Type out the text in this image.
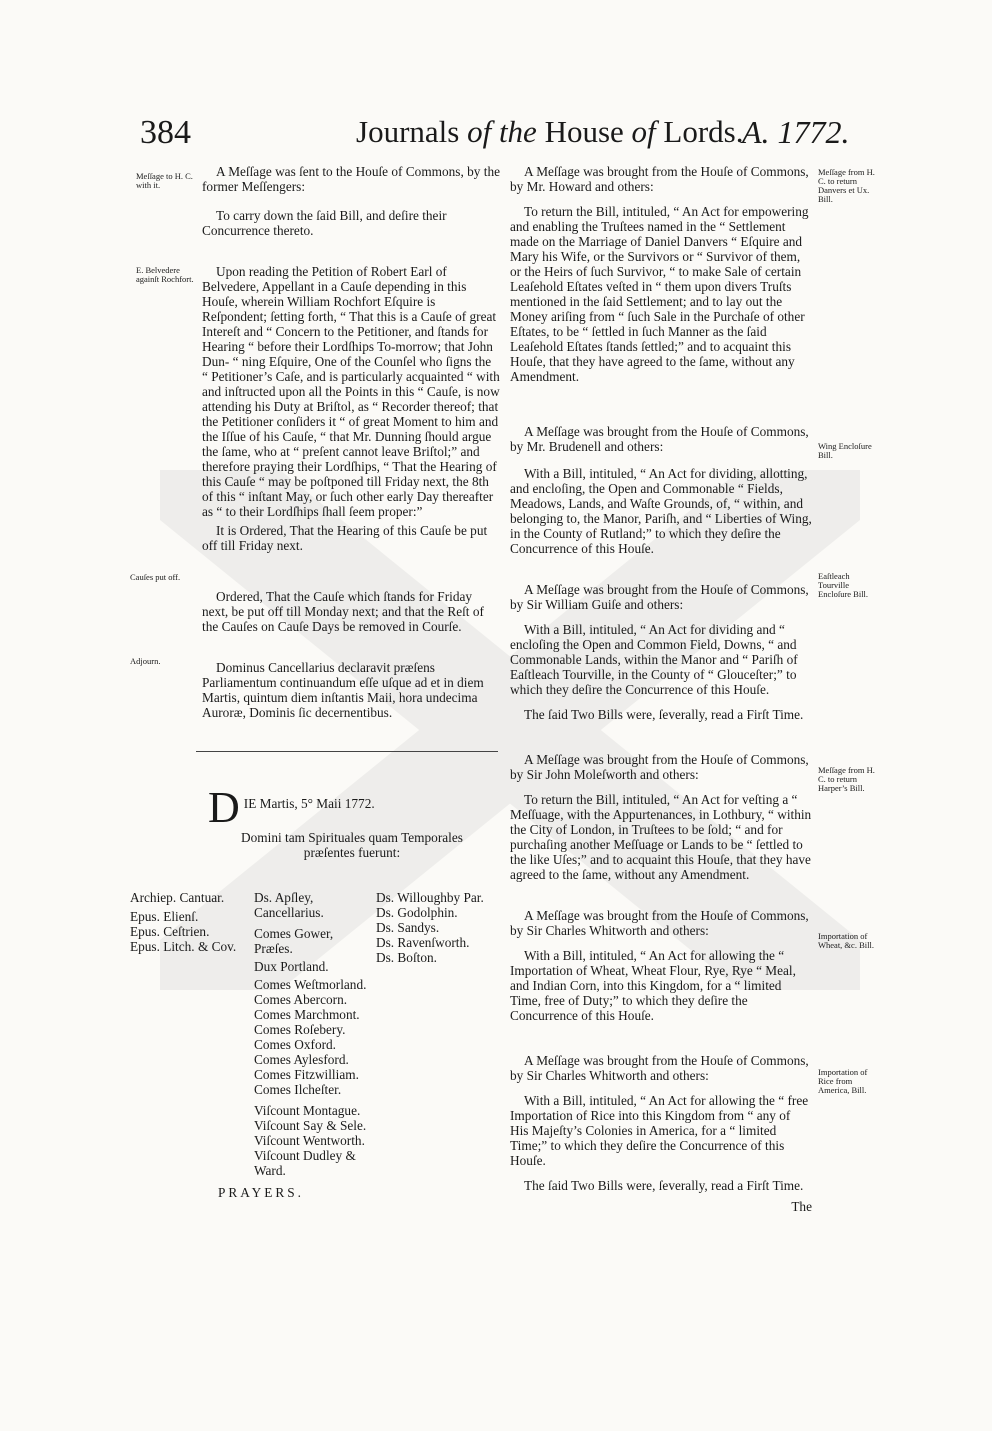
384	Journals of the House of Lords.
A. 1772.
Meſſage to H. C. with it.
E. Belvedere againſt Rochfort.
Cauſes put off.
Adjourn.

A Meſſage was ſent to the Houſe of Commons, by the former Meſſengers:

To carry down the ſaid Bill, and deſire their Concurrence thereto.

Upon reading the Petition of Robert Earl of Belvedere, Appellant in a Cauſe depending in this Houſe, wherein William Rochfort Eſquire is Reſpondent; ſetting forth, “ That this is a Cauſe of great Intereſt and “ Concern to the Petitioner, and ſtands for Hearing “ before their Lordſhips To-morrow; that John Dun- “ ning Eſquire, One of the Counſel who ſigns the “ Petitioner’s Caſe, and is particularly acquainted “ with and inſtructed upon all the Points in this “ Cauſe, is now attending his Duty at Briſtol, as “ Recorder thereof; that the Petitioner conſiders it “ of great Moment to him and the Iſſue of his Cauſe, “ that Mr. Dunning ſhould argue the ſame, who at “ preſent cannot leave Briſtol;” and therefore praying their Lordſhips, “ That the Hearing of this Cauſe “ may be poſtponed till Friday next, the 8th of this “ inſtant May, or ſuch other early Day thereafter as “ to their Lordſhips ſhall ſeem proper:”

It is Ordered, That the Hearing of this Cauſe be put off till Friday next.

Ordered, That the Cauſe which ſtands for Friday next, be put off till Monday next; and that the Reſt of the Cauſes on Cauſe Days be removed in Courſe.

Dominus Cancellarius declaravit præſens Parliamentum continuandum eſſe uſque ad et in diem Martis, quintum diem inſtantis Maii, hora undecima Auroræ, Dominis ſic decernentibus.

D IE Martis, 5° Maii 1772.
Domini tam Spirituales quam Temporales præſentes fuerunt:
Archiep. Cantuar.
Epus. Elienſ.
Epus. Ceſtrien.
Epus. Litch. & Cov.
Ds. Apſley, Cancellarius.
Comes Gower, Præſes.
Dux Portland.
Comes Weſtmorland.
Comes Abercorn.
Comes Marchmont.
Comes Roſebery.
Comes Oxford.
Comes Aylesford.
Comes Fitzwilliam.
Comes Ilcheſter.
Viſcount Montague.
Viſcount Say & Sele.
Viſcount Wentworth.
Viſcount Dudley & Ward.
Ds. Willoughby Par.
Ds. Godolphin.
Ds. Sandys.
Ds. Ravenſworth.
Ds. Boſton.
PRAYERS.
Meſſage from H. C. to return Danvers et Ux. Bill.
Wing Encloſure Bill.
Eaſtleach Tourville Encloſure Bill.
Meſſage from H. C. to return Harper’s Bill.
Importation of Wheat, &c. Bill.
Importation of Rice from America, Bill.

A Meſſage was brought from the Houſe of Commons, by Mr. Howard and others:

To return the Bill, intituled, “ An Act for empowering and enabling the Truſtees named in the “ Settlement made on the Marriage of Daniel Danvers “ Eſquire and Mary his Wife, or the Survivors or “ Survivor of them, or the Heirs of ſuch Survivor, “ to make Sale of certain Leaſehold Eſtates veſted in “ them upon divers Truſts mentioned in the ſaid Settlement; and to lay out the Money ariſing from “ ſuch Sale in the Purchaſe of other Eſtates, to be “ ſettled in ſuch Manner as the ſaid Leaſehold Eſtates ſtands ſettled;” and to acquaint this Houſe, that they have agreed to the ſame, without any Amendment.

A Meſſage was brought from the Houſe of Commons, by Mr. Brudenell and others:

With a Bill, intituled, “ An Act for dividing, allotting, and encloſing, the Open and Commonable “ Fields, Meadows, Lands, and Waſte Grounds, of, “ within, and belonging to, the Manor, Pariſh, and “ Liberties of Wing, in the County of Rutland;” to which they deſire the Concurrence of this Houſe.

A Meſſage was brought from the Houſe of Commons, by Sir William Guiſe and others:

With a Bill, intituled, “ An Act for dividing and “ encloſing the Open and Common Field, Downs, “ and Commonable Lands, within the Manor and “ Pariſh of Eaſtleach Tourville, in the County of “ Glouceſter;” to which they deſire the Concurrence of this Houſe.

The ſaid Two Bills were, ſeverally, read a Firſt Time.

A Meſſage was brought from the Houſe of Commons, by Sir John Moleſworth and others:

To return the Bill, intituled, “ An Act for veſting a “ Meſſuage, with the Appurtenances, in Lothbury, “ within the City of London, in Truſtees to be ſold; “ and for purchaſing another Meſſuage or Lands to be “ ſettled to the like Uſes;” and to acquaint this Houſe, that they have agreed to the ſame, without any Amendment.

A Meſſage was brought from the Houſe of Commons, by Sir Charles Whitworth and others:

With a Bill, intituled, “ An Act for allowing the “ Importation of Wheat, Wheat Flour, Rye, Rye “ Meal, and Indian Corn, into this Kingdom, for a “ limited Time, free of Duty;” to which they deſire the Concurrence of this Houſe.

A Meſſage was brought from the Houſe of Commons, by Sir Charles Whitworth and others:

With a Bill, intituled, “ An Act for allowing the “ free Importation of Rice into this Kingdom from “ any of His Majeſty’s Colonies in America, for a “ limited Time;” to which they deſire the Concurrence of this Houſe.

The ſaid Two Bills were, ſeverally, read a Firſt Time.

The
